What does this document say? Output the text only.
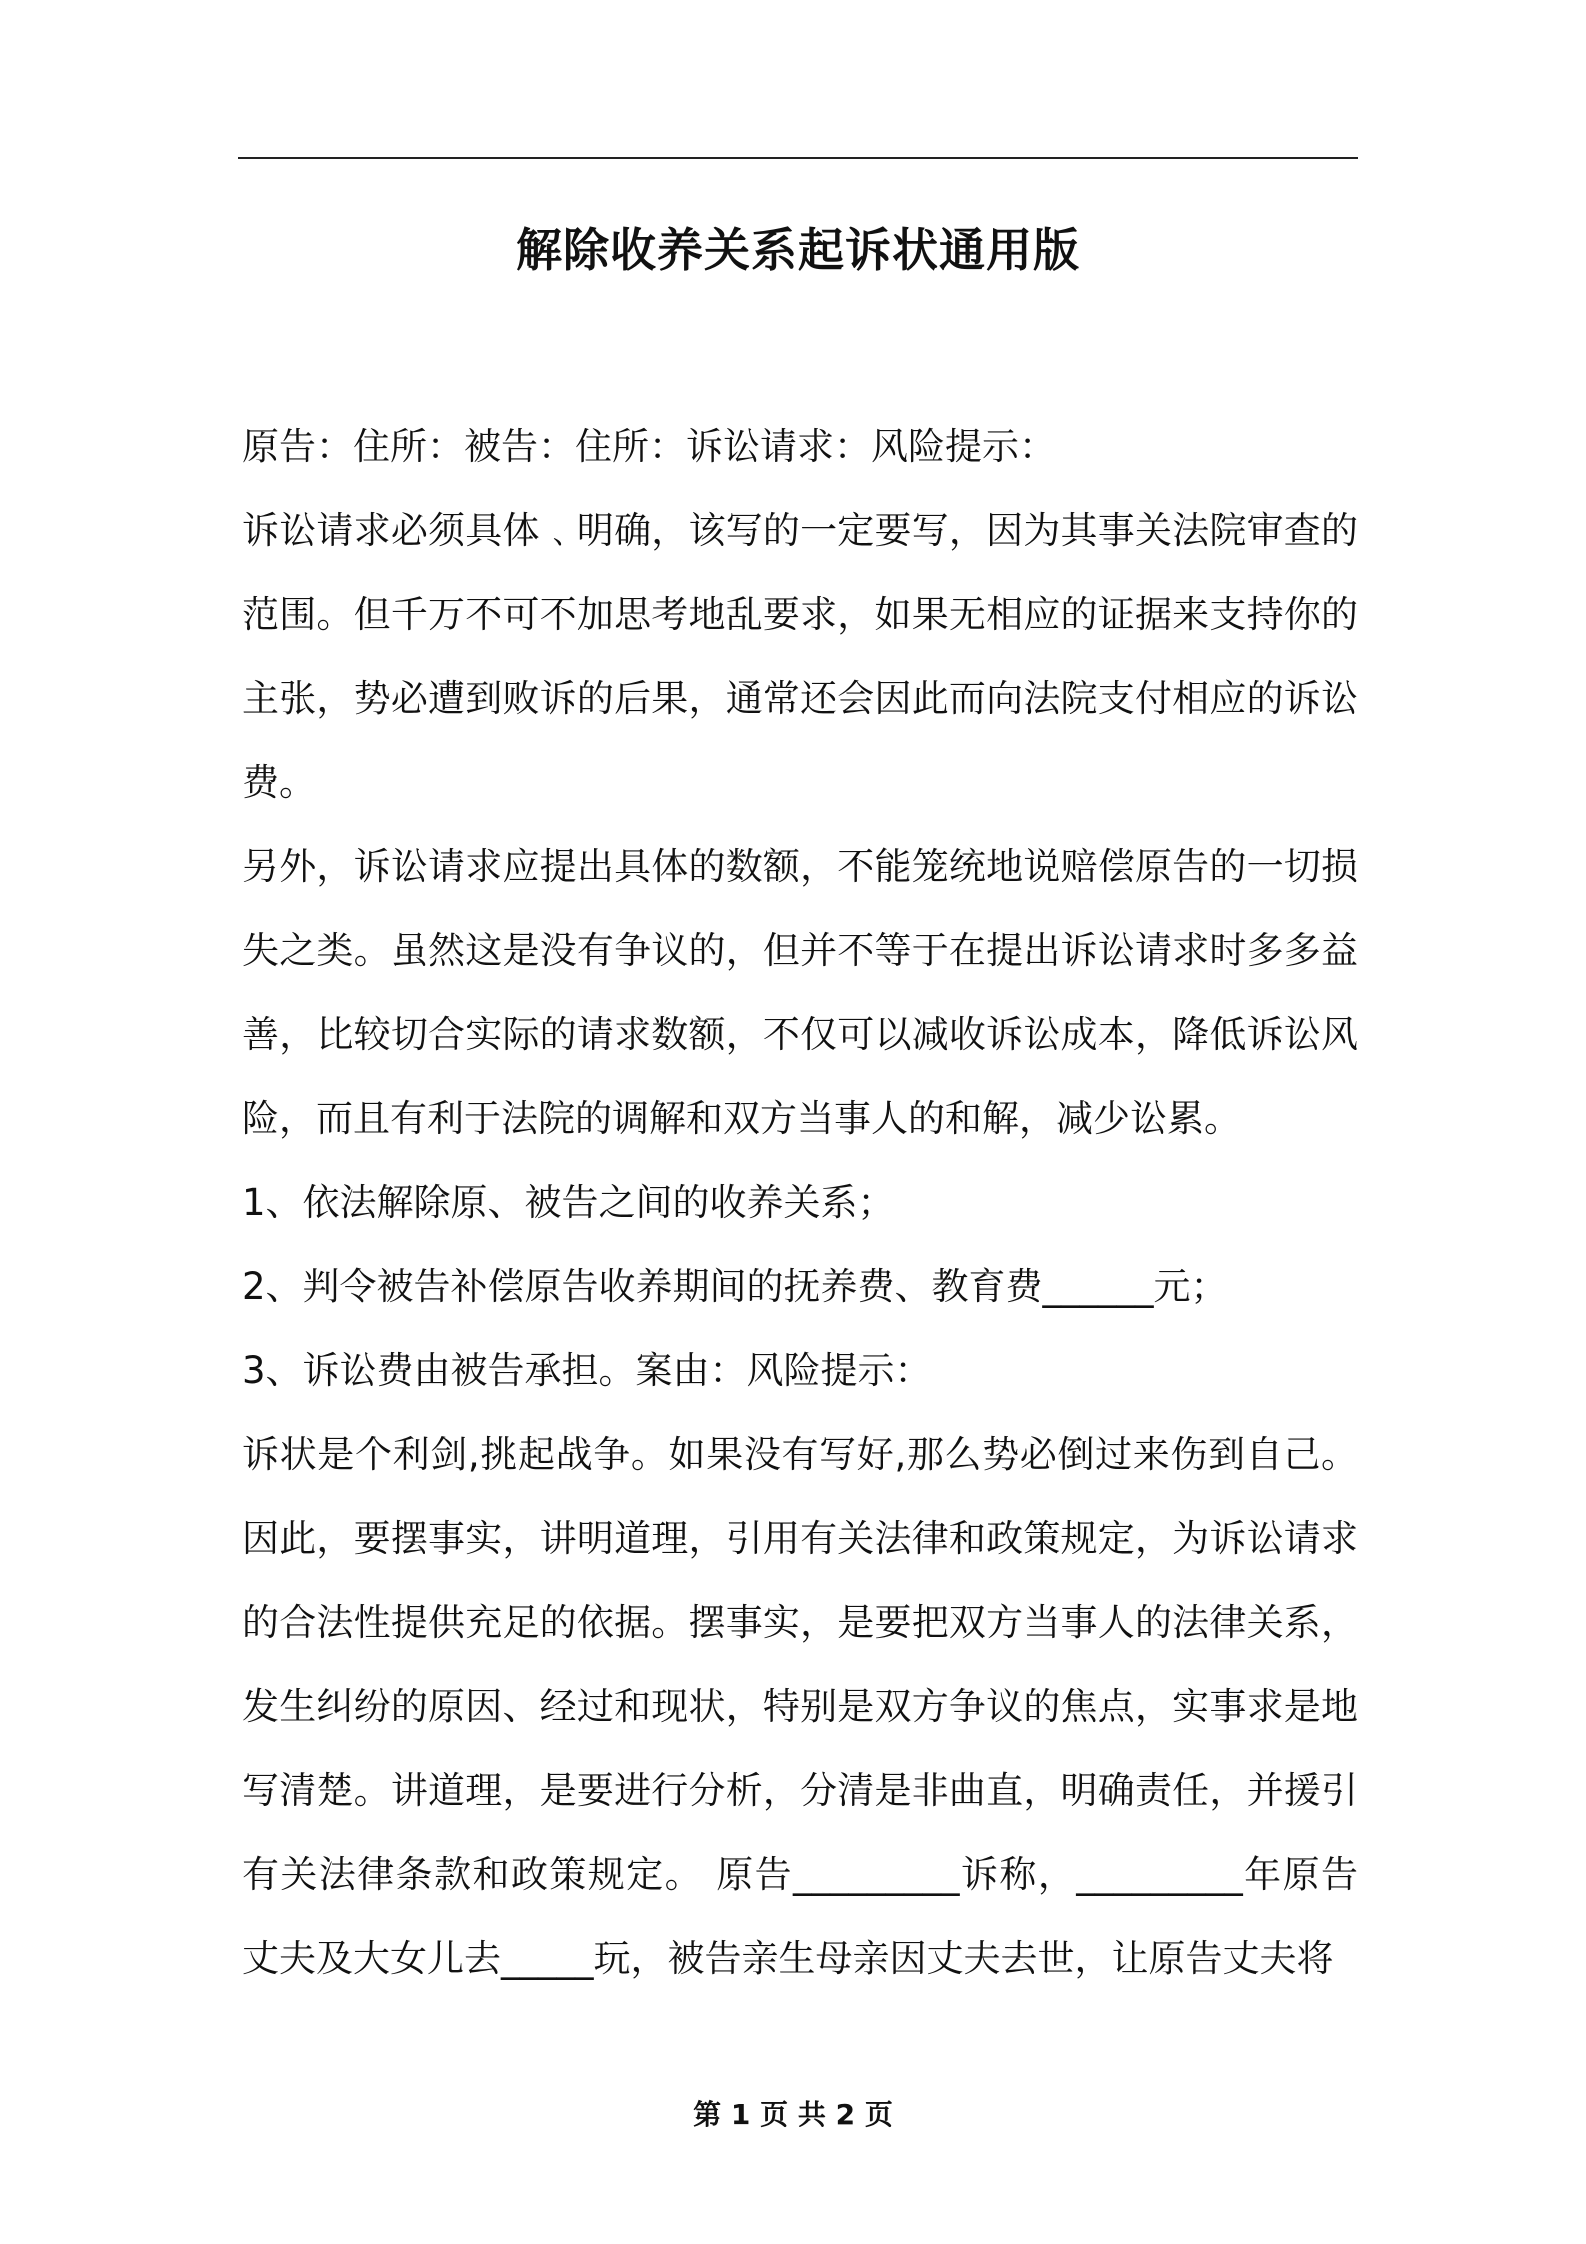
解除收养关系起诉状通用版

原告：住所：被告：住所：诉讼请求：风险提示：

诉讼请求必须具体﹑明确，该写的一定要写，因为其事关法院审查的范围。但千万不可不加思考地乱要求，如果无相应的证据来支持你的主张，势必遭到败诉的后果，通常还会因此而向法院支付相应的诉讼费。

另外，诉讼请求应提出具体的数额，不能笼统地说赔偿原告的一切损失之类。虽然这是没有争议的，但并不等于在提出诉讼请求时多多益善，比较切合实际的请求数额，不仅可以减收诉讼成本，降低诉讼风险，而且有利于法院的调解和双方当事人的和解，减少讼累。

1、依法解除原、被告之间的收养关系；

2、判令被告补偿原告收养期间的抚养费、教育费______元；

3、诉讼费由被告承担。案由：风险提示：

诉状是个利剑,挑起战争。如果没有写好,那么势必倒过来伤到自己。因此，要摆事实，讲明道理，引用有关法律和政策规定，为诉讼请求的合法性提供充足的依据。摆事实，是要把双方当事人的法律关系，发生纠纷的原因、经过和现状，特别是双方争议的焦点，实事求是地写清楚。讲道理，是要进行分析，分清是非曲直，明确责任，并援引有关法律条款和政策规定。 原告_________诉称，_________年原告丈夫及大女儿去_____玩，被告亲生母亲因丈夫去世，让原告丈夫将

第 1 页 共 2 页
